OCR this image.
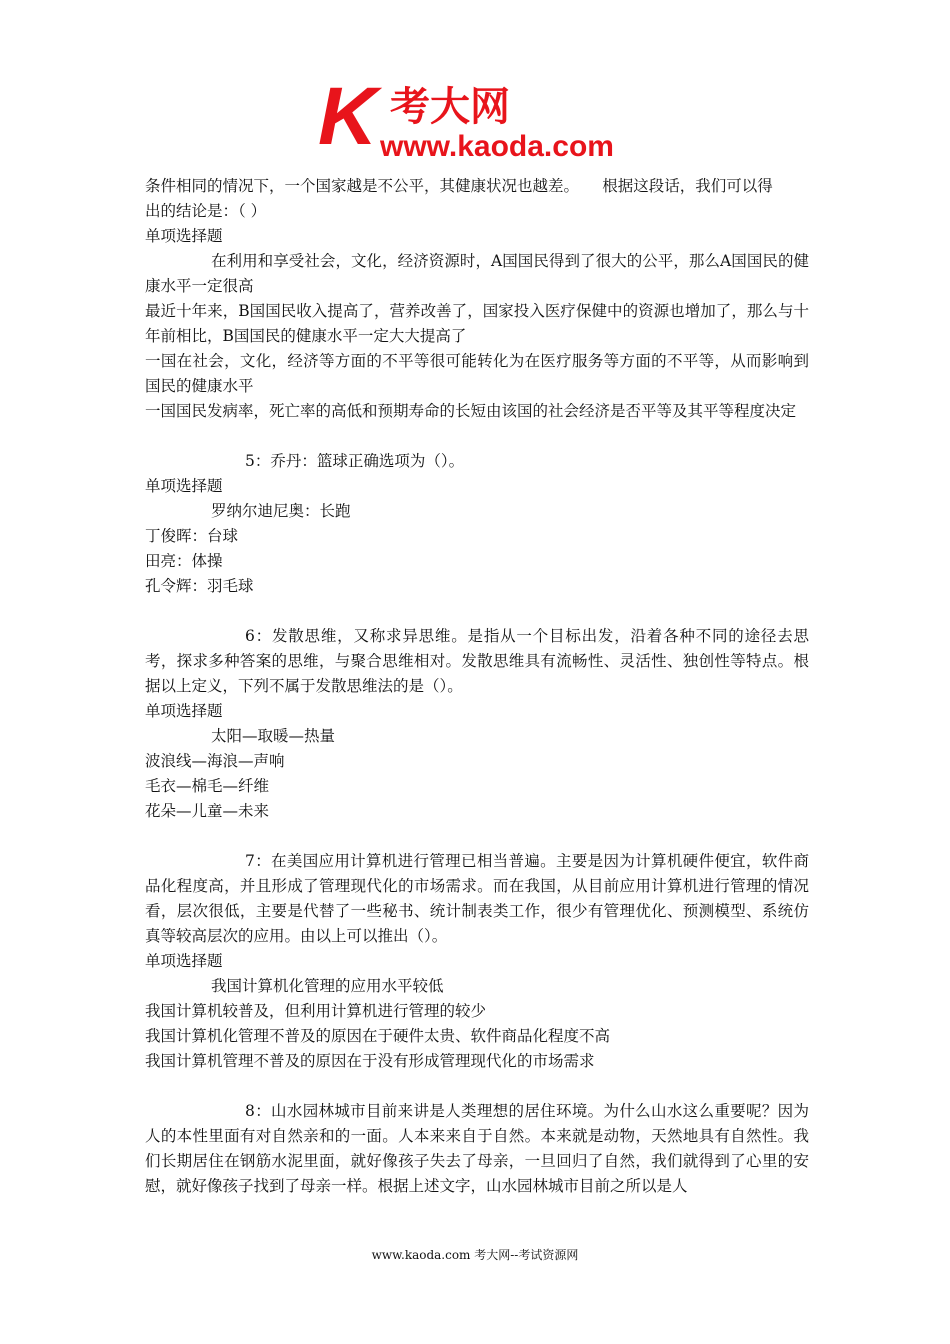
K 考大网
www.kaoda.com

条件相同的情况下，一个国家越是不公平，其健康状况也越差。　　根据这段话，我们可以得

出的结论是：（ ）

单项选择题

在利用和享受社会，文化，经济资源时，A国国民得到了很大的公平，那么A国国民的健康水平一定很高

最近十年来，B国国民收入提高了，营养改善了，国家投入医疗保健中的资源也增加了，那么与十年前相比，B国国民的健康水平一定大大提高了

一国在社会，文化，经济等方面的不平等很可能转化为在医疗服务等方面的不平等，从而影响到国民的健康水平

一国国民发病率，死亡率的高低和预期寿命的长短由该国的社会经济是否平等及其平等程度决定

5：乔丹：篮球正确选项为（）。

单项选择题

罗纳尔迪尼奥：长跑

丁俊晖：台球

田亮：体操

孔令辉：羽毛球

6：发散思维，又称求异思维。是指从一个目标出发，沿着各种不同的途径去思考，探求多种答案的思维，与聚合思维相对。发散思维具有流畅性、灵活性、独创性等特点。根据以上定义，下列不属于发散思维法的是（）。

单项选择题

太阳—取暖—热量

波浪线—海浪—声响

毛衣—棉毛—纤维

花朵—儿童—未来

7：在美国应用计算机进行管理已相当普遍。主要是因为计算机硬件便宜，软件商品化程度高，并且形成了管理现代化的市场需求。而在我国，从目前应用计算机进行管理的情况看，层次很低，主要是代替了一些秘书、统计制表类工作，很少有管理优化、预测模型、系统仿真等较高层次的应用。由以上可以推出（）。

单项选择题

我国计算机化管理的应用水平较低

我国计算机较普及，但利用计算机进行管理的较少

我国计算机化管理不普及的原因在于硬件太贵、软件商品化程度不高

我国计算机管理不普及的原因在于没有形成管理现代化的市场需求

8：山水园林城市目前来讲是人类理想的居住环境。为什么山水这么重要呢？因为人的本性里面有对自然亲和的一面。人本来来自于自然。本来就是动物，天然地具有自然性。我们长期居住在钢筋水泥里面，就好像孩子失去了母亲，一旦回归了自然，我们就得到了心里的安慰，就好像孩子找到了母亲一样。根据上述文字，山水园林城市目前之所以是人

www.kaoda.com 考大网--考试资源网
